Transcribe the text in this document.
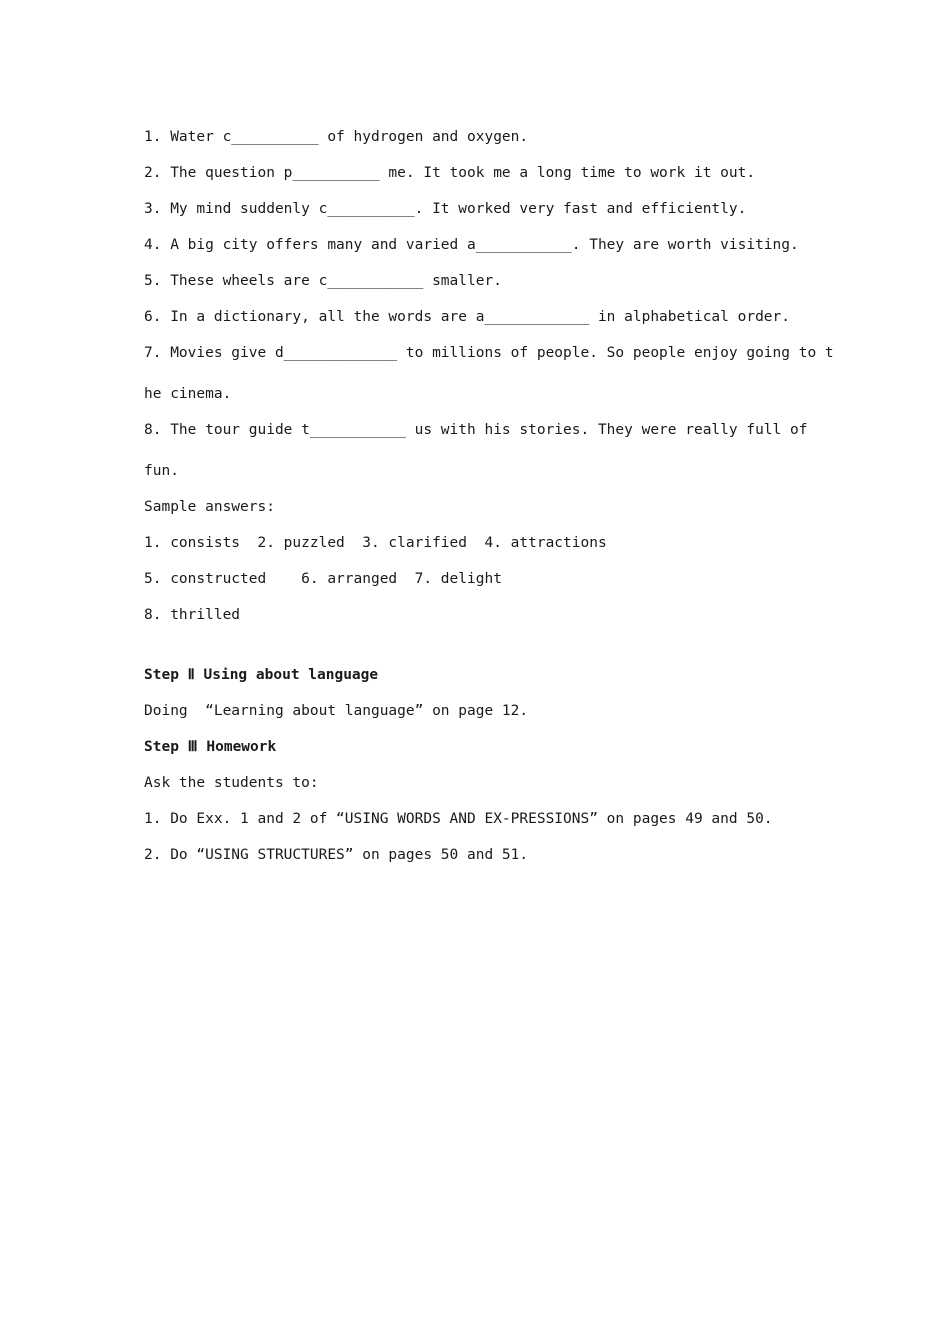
1. Water c__________ of hydrogen and oxygen.
2. The question p__________ me. It took me a long time to work it out.
3. My mind suddenly c__________. It worked very fast and efficiently.
4. A big city offers many and varied a___________. They are worth visiting.
5. These wheels are c___________ smaller.
6. In a dictionary, all the words are a____________ in alphabetical order.
7. Movies give d_____________ to millions of people. So people enjoy going to t
he cinema.
8. The tour guide t___________ us with his stories. They were really full of
fun.
Sample answers:
1. consists  2. puzzled  3. clarified  4. attractions
5. constructed    6. arranged  7. delight
8. thrilled
Step Ⅱ Using about language
Doing  “Learning about language” on page 12.
Step Ⅲ Homework
Ask the students to:
1. Do Exx. 1 and 2 of “USING WORDS AND EX-PRESSIONS” on pages 49 and 50.
2. Do “USING STRUCTURES” on pages 50 and 51.
